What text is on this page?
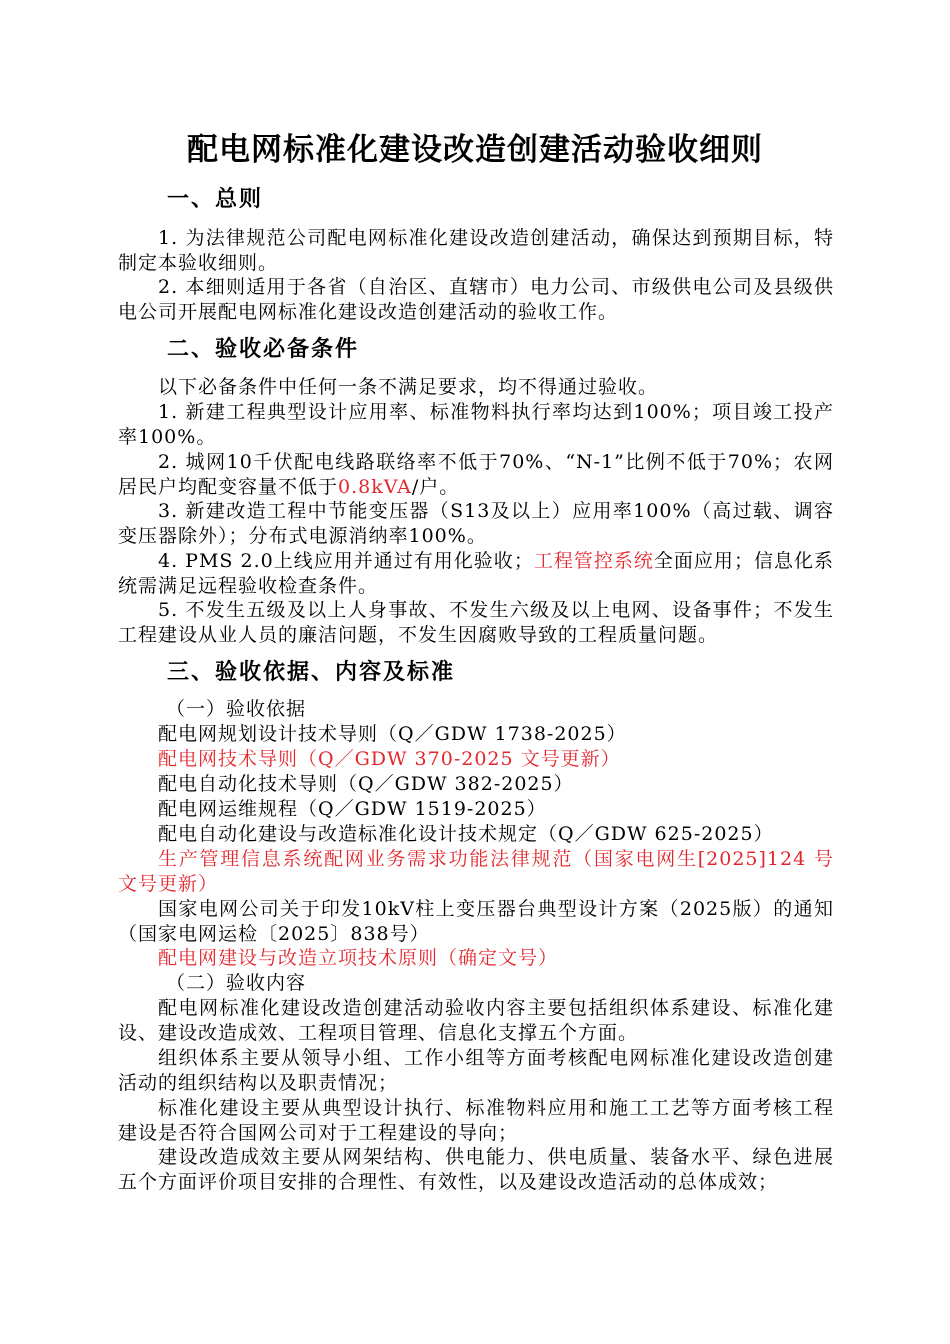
配电网标准化建设改造创建活动验收细则
一、总则

1. 为法律规范公司配电网标准化建设改造创建活动，确保达到预期目标，特制定本验收细则。

2. 本细则适用于各省（自治区、直辖市）电力公司、市级供电公司及县级供电公司开展配电网标准化建设改造创建活动的验收工作。

二、验收必备条件

以下必备条件中任何一条不满足要求，均不得通过验收。

1. 新建工程典型设计应用率、标准物料执行率均达到100%；项目竣工投产率100%。

2. 城网10千伏配电线路联络率不低于70%、“N-1”比例不低于70%；农网居民户均配变容量不低于0.8kVA/户。

3. 新建改造工程中节能变压器（S13及以上）应用率100%（高过载、调容变压器除外）；分布式电源消纳率100%。

4. PMS 2.0上线应用并通过有用化验收；工程管控系统全面应用；信息化系统需满足远程验收检查条件。

5. 不发生五级及以上人身事故、不发生六级及以上电网、设备事件；不发生工程建设从业人员的廉洁问题，不发生因腐败导致的工程质量问题。

三、验收依据、内容及标准

（一）验收依据

配电网规划设计技术导则（Q／GDW 1738-2025）

配电网技术导则（Q／GDW 370-2025 文号更新）

配电自动化技术导则（Q／GDW 382-2025）

配电网运维规程（Q／GDW 1519-2025）

配电自动化建设与改造标准化设计技术规定（Q／GDW 625-2025）

生产管理信息系统配网业务需求功能法律规范（国家电网生[2025]124 号 文号更新）

国家电网公司关于印发10kV柱上变压器台典型设计方案（2025版）的通知（国家电网运检〔2025〕838号）

配电网建设与改造立项技术原则（确定文号）

（二）验收内容

配电网标准化建设改造创建活动验收内容主要包括组织体系建设、标准化建设、建设改造成效、工程项目管理、信息化支撑五个方面。

组织体系主要从领导小组、工作小组等方面考核配电网标准化建设改造创建活动的组织结构以及职责情况；

标准化建设主要从典型设计执行、标准物料应用和施工工艺等方面考核工程建设是否符合国网公司对于工程建设的导向；

建设改造成效主要从网架结构、供电能力、供电质量、装备水平、绿色进展五个方面评价项目安排的合理性、有效性，以及建设改造活动的总体成效；
